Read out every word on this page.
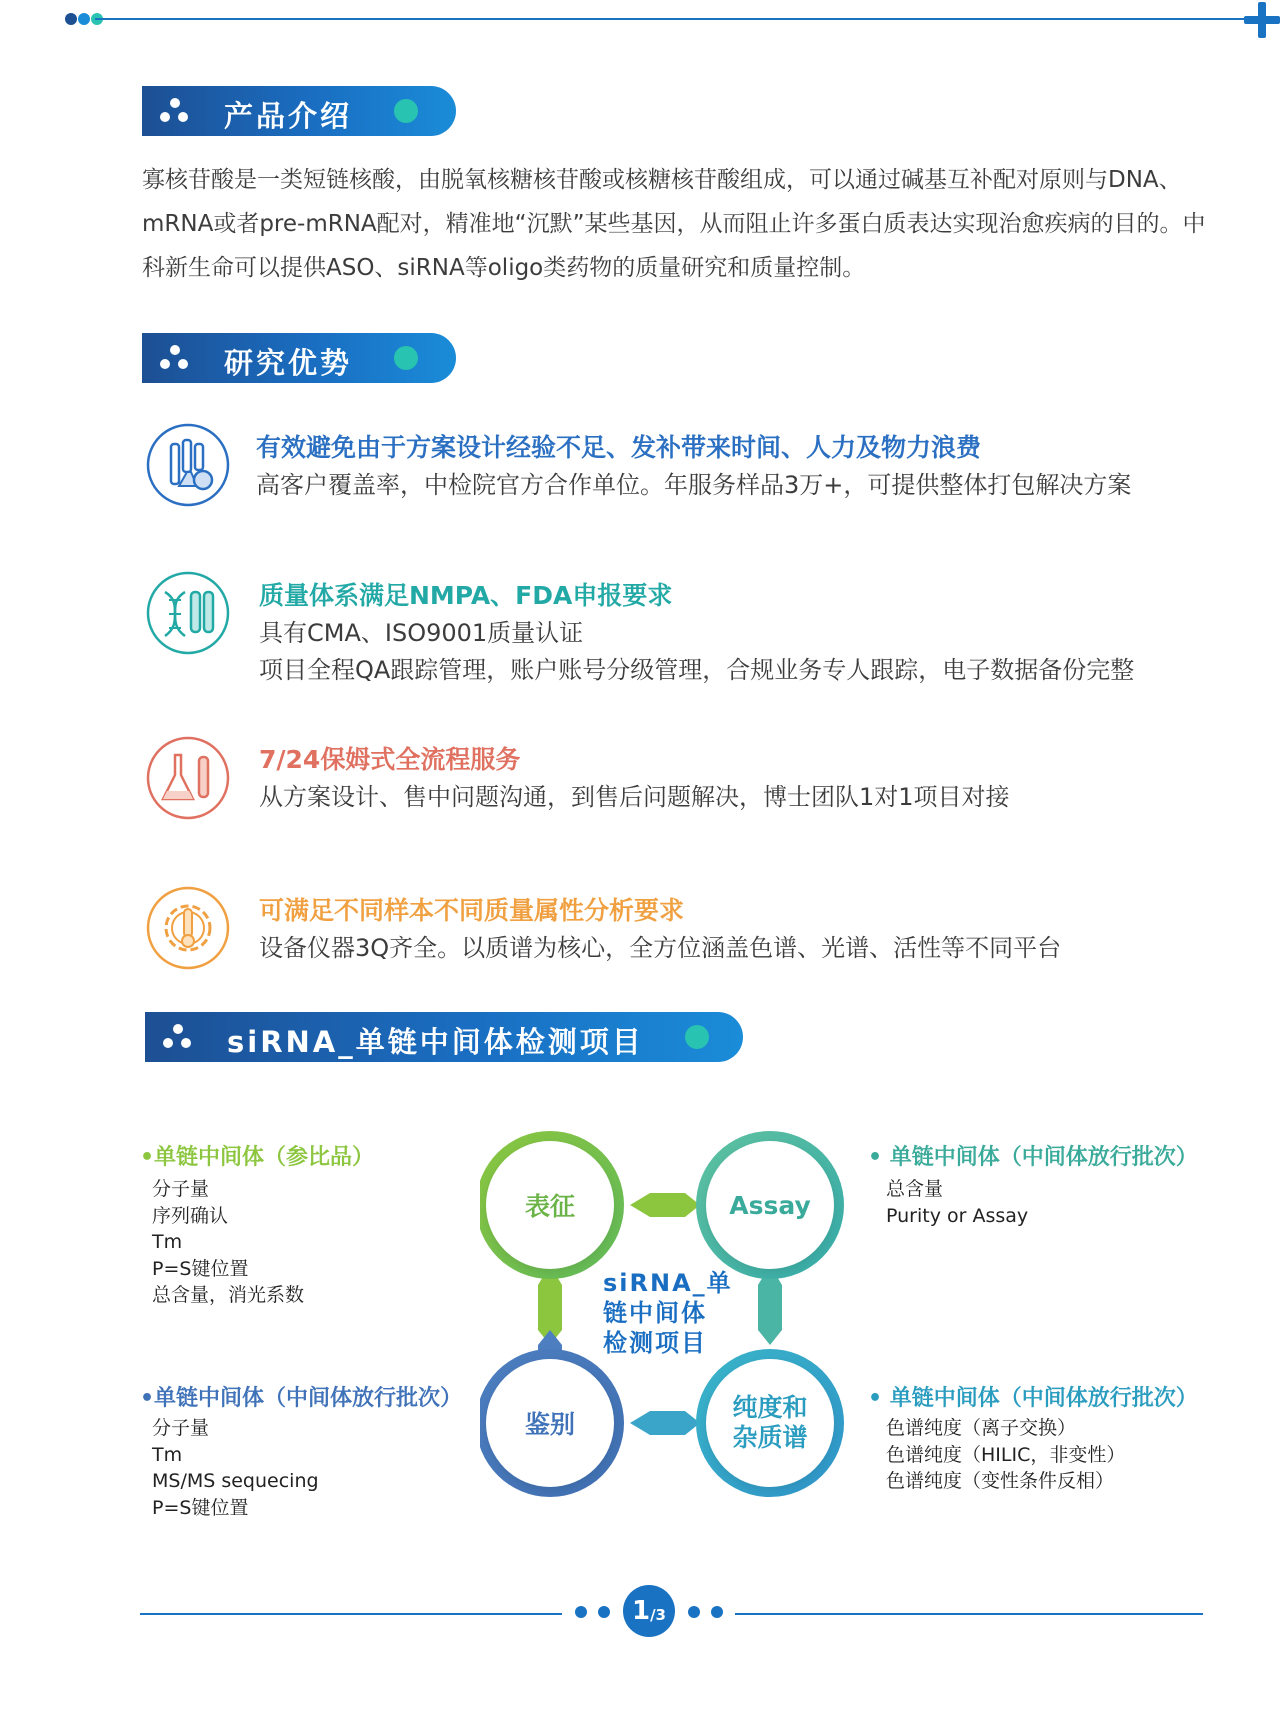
产品介绍
寡核苷酸是一类短链核酸，由脱氧核糖核苷酸或核糖核苷酸组成，可以通过碱基互补配对原则与DNA、mRNA或者pre-mRNA配对，精准地“沉默”某些基因，从而阻止许多蛋白质表达实现治愈疾病的目的。中科新生命可以提供ASO、siRNA等oligo类药物的质量研究和质量控制。
研究优势
有效避免由于方案设计经验不足、发补带来时间、人力及物力浪费
高客户覆盖率，中检院官方合作单位。年服务样品3万+，可提供整体打包解决方案
质量体系满足NMPA、FDA申报要求
具有CMA、ISO9001质量认证
项目全程QA跟踪管理，账户账号分级管理，合规业务专人跟踪，电子数据备份完整
7/24保姆式全流程服务
从方案设计、售中问题沟通，到售后问题解决，博士团队1对1项目对接
可满足不同样本不同质量属性分析要求
设备仪器3Q齐全。以质谱为核心，全方位涵盖色谱、光谱、活性等不同平台
siRNA_单链中间体检测项目
表征	Assay
鉴别
纯度和
杂质谱
siRNA_单
链中间体
检测项目
•单链中间体（参比品）
分子量
序列确认
Tm
P=S键位置
总含量，消光系数
• 单链中间体（中间体放行批次）
总含量
Purity or Assay
•单链中间体（中间体放行批次）
分子量
Tm
MS/MS sequecing
P=S键位置
• 单链中间体（中间体放行批次）
色谱纯度（离子交换）
色谱纯度（HILIC，非变性）
色谱纯度（变性条件反相）
1 /3
